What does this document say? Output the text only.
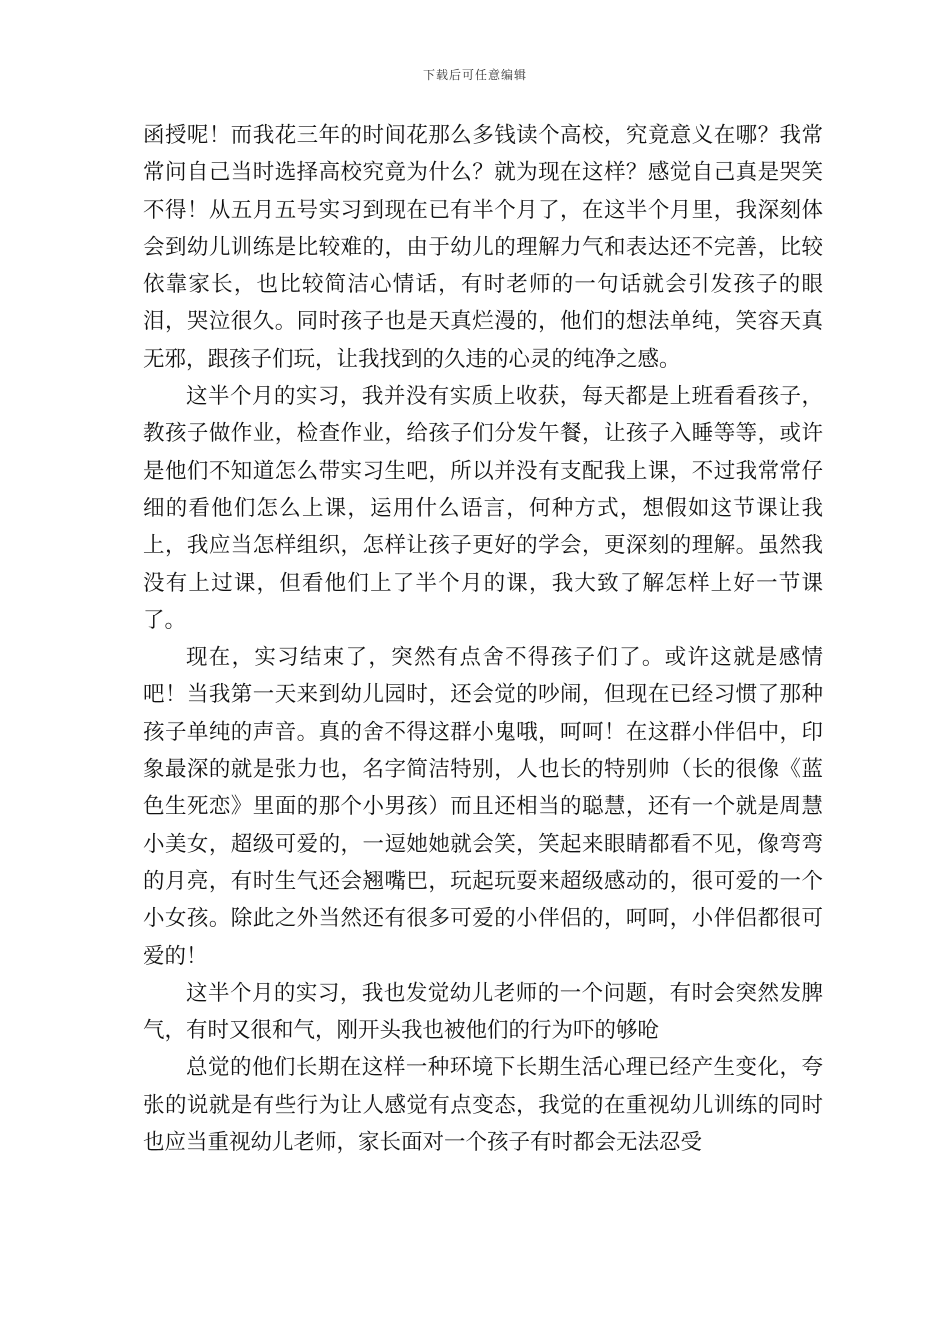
下载后可任意编辑

函授呢！而我花三年的时间花那么多钱读个高校，究竟意义在哪？我常常问自己当时选择高校究竟为什么？就为现在这样？感觉自己真是哭笑不得！从五月五号实习到现在已有半个月了，在这半个月里，我深刻体会到幼儿训练是比较难的，由于幼儿的理解力气和表达还不完善，比较依靠家长，也比较简洁心情话，有时老师的一句话就会引发孩子的眼泪，哭泣很久。同时孩子也是天真烂漫的，他们的想法单纯，笑容天真无邪，跟孩子们玩，让我找到的久违的心灵的纯净之感。

这半个月的实习，我并没有实质上收获，每天都是上班看看孩子，教孩子做作业，检查作业，给孩子们分发午餐，让孩子入睡等等，或许是他们不知道怎么带实习生吧，所以并没有支配我上课，不过我常常仔细的看他们怎么上课，运用什么语言，何种方式，想假如这节课让我上，我应当怎样组织，怎样让孩子更好的学会，更深刻的理解。虽然我没有上过课，但看他们上了半个月的课，我大致了解怎样上好一节课了。

现在，实习结束了，突然有点舍不得孩子们了。或许这就是感情吧！当我第一天来到幼儿园时，还会觉的吵闹，但现在已经习惯了那种孩子单纯的声音。真的舍不得这群小鬼哦，呵呵！在这群小伴侣中，印象最深的就是张力也，名字简洁特别，人也长的特别帅（长的很像《蓝色生死恋》里面的那个小男孩）而且还相当的聪慧，还有一个就是周慧小美女，超级可爱的，一逗她她就会笑，笑起来眼睛都看不见，像弯弯的月亮，有时生气还会翘嘴巴，玩起玩耍来超级感动的，很可爱的一个小女孩。除此之外当然还有很多可爱的小伴侣的，呵呵，小伴侣都很可爱的！

这半个月的实习，我也发觉幼儿老师的一个问题，有时会突然发脾气，有时又很和气，刚开头我也被他们的行为吓的够呛

总觉的他们长期在这样一种环境下长期生活心理已经产生变化，夸张的说就是有些行为让人感觉有点变态，我觉的在重视幼儿训练的同时也应当重视幼儿老师，家长面对一个孩子有时都会无法忍受
